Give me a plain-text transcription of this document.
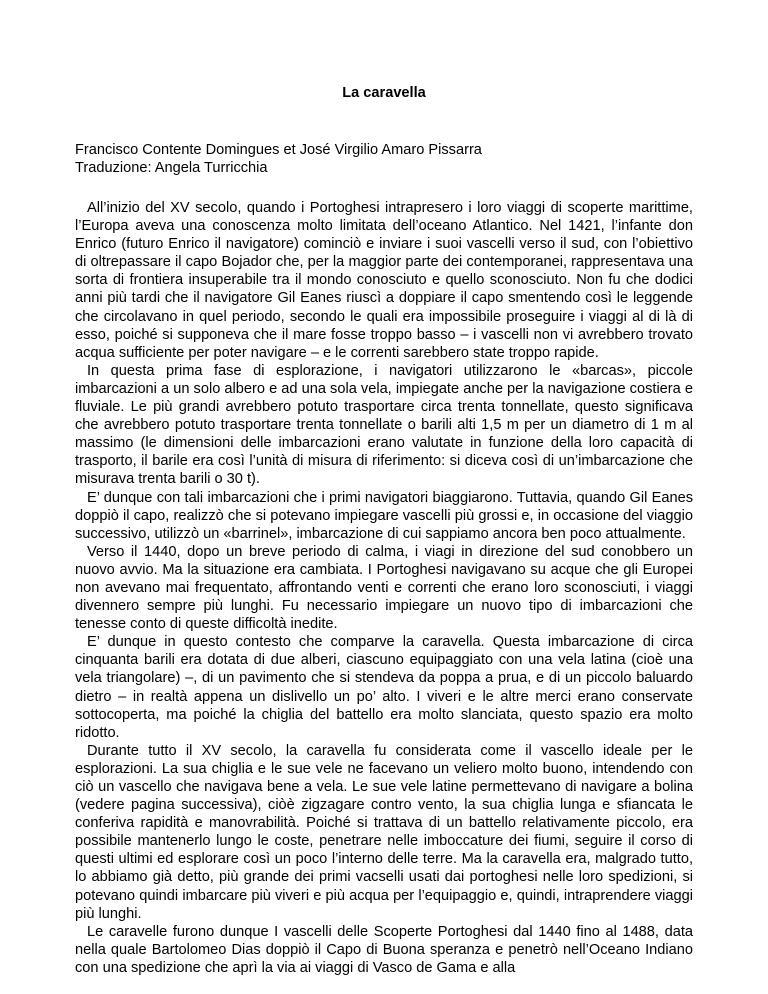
La caravella
Francisco Contente Domingues et José Virgilio Amaro Pissarra
Traduzione: Angela Turricchia

All’inizio del XV secolo, quando i Portoghesi intrapresero i loro viaggi di scoperte marittime, l’Europa aveva una conoscenza molto limitata dell’oceano Atlantico. Nel 1421, l’infante don Enrico (futuro Enrico il navigatore) cominciò e inviare i suoi vascelli verso il sud, con l’obiettivo di oltrepassare il capo Bojador che, per la maggior parte dei contemporanei, rappresentava una sorta di frontiera insuperabile tra il mondo conosciuto e quello sconosciuto. Non fu che dodici anni più tardi che il navigatore Gil Eanes riuscì a doppiare il capo smentendo così le leggende che circolavano in quel periodo, secondo le quali era impossibile proseguire i viaggi al di là di esso, poiché si supponeva che il mare fosse troppo basso – i vascelli non vi avrebbero trovato acqua sufficiente per poter navigare – e le correnti sarebbero state troppo rapide.

In questa prima fase di esplorazione, i navigatori utilizzarono le «barcas», piccole imbarcazioni a un solo albero e ad una sola vela, impiegate anche per la navigazione costiera e fluviale. Le più grandi avrebbero potuto trasportare circa trenta tonnellate, questo significava che avrebbero potuto trasportare trenta tonnellate o barili alti 1,5 m per un diametro di 1 m al massimo (le dimensioni delle imbarcazioni erano valutate in funzione della loro capacità di trasporto, il barile era così l’unità di misura di riferimento: si diceva così di un’imbarcazione che misurava trenta barili o 30 t).

E’ dunque con tali imbarcazioni che i primi navigatori biaggiarono. Tuttavia, quando Gil Eanes doppiò il capo, realizzò che si potevano impiegare vascelli più grossi e, in occasione del viaggio successivo, utilizzò un «barrinel», imbarcazione di cui sappiamo ancora ben poco attualmente.

Verso il 1440, dopo un breve periodo di calma, i viagi in direzione del sud conobbero un nuovo avvio. Ma la situazione era cambiata. I Portoghesi navigavano su acque che gli Europei non avevano mai frequentato, affrontando venti e correnti che erano loro sconosciuti, i viaggi divennero sempre più lunghi. Fu necessario impiegare un nuovo tipo di imbarcazioni che tenesse conto di queste difficoltà inedite.

E’ dunque in questo contesto che comparve la caravella. Questa imbarcazione di circa cinquanta barili era dotata di due alberi, ciascuno equipaggiato con una vela latina (cioè una vela triangolare) –, di un pavimento che si stendeva da poppa a prua, e di un piccolo baluardo dietro – in realtà appena un dislivello un po’ alto. I viveri e le altre merci erano conservate sottocoperta, ma poiché la chiglia del battello era molto slanciata, questo spazio era molto ridotto.

Durante tutto il XV secolo, la caravella fu considerata come il vascello ideale per le esplorazioni. La sua chiglia e le sue vele ne facevano un veliero molto buono, intendendo con ciò un vascello che navigava bene a vela. Le sue vele latine permettevano di navigare a bolina (vedere pagina successiva), ciòè zigzagare contro vento, la sua chiglia lunga e sfiancata le conferiva rapidità e manovrabilità. Poiché si trattava di un battello relativamente piccolo, era possibile mantenerlo lungo le coste, penetrare nelle imboccature dei fiumi, seguire il corso di questi ultimi ed esplorare così un poco l’interno delle terre. Ma la caravella era, malgrado tutto, lo abbiamo già detto, più grande dei primi vacselli usati dai portoghesi nelle loro spedizioni, si potevano quindi imbarcare più viveri e più acqua per l’equipaggio e, quindi, intraprendere viaggi più lunghi.

Le caravelle furono dunque I vascelli delle Scoperte Portoghesi dal 1440 fino al 1488, data nella quale Bartolomeo Dias doppiò il Capo di Buona speranza e penetrò nell’Oceano Indiano con una spedizione che aprì la via ai viaggi di Vasco de Gama e alla
